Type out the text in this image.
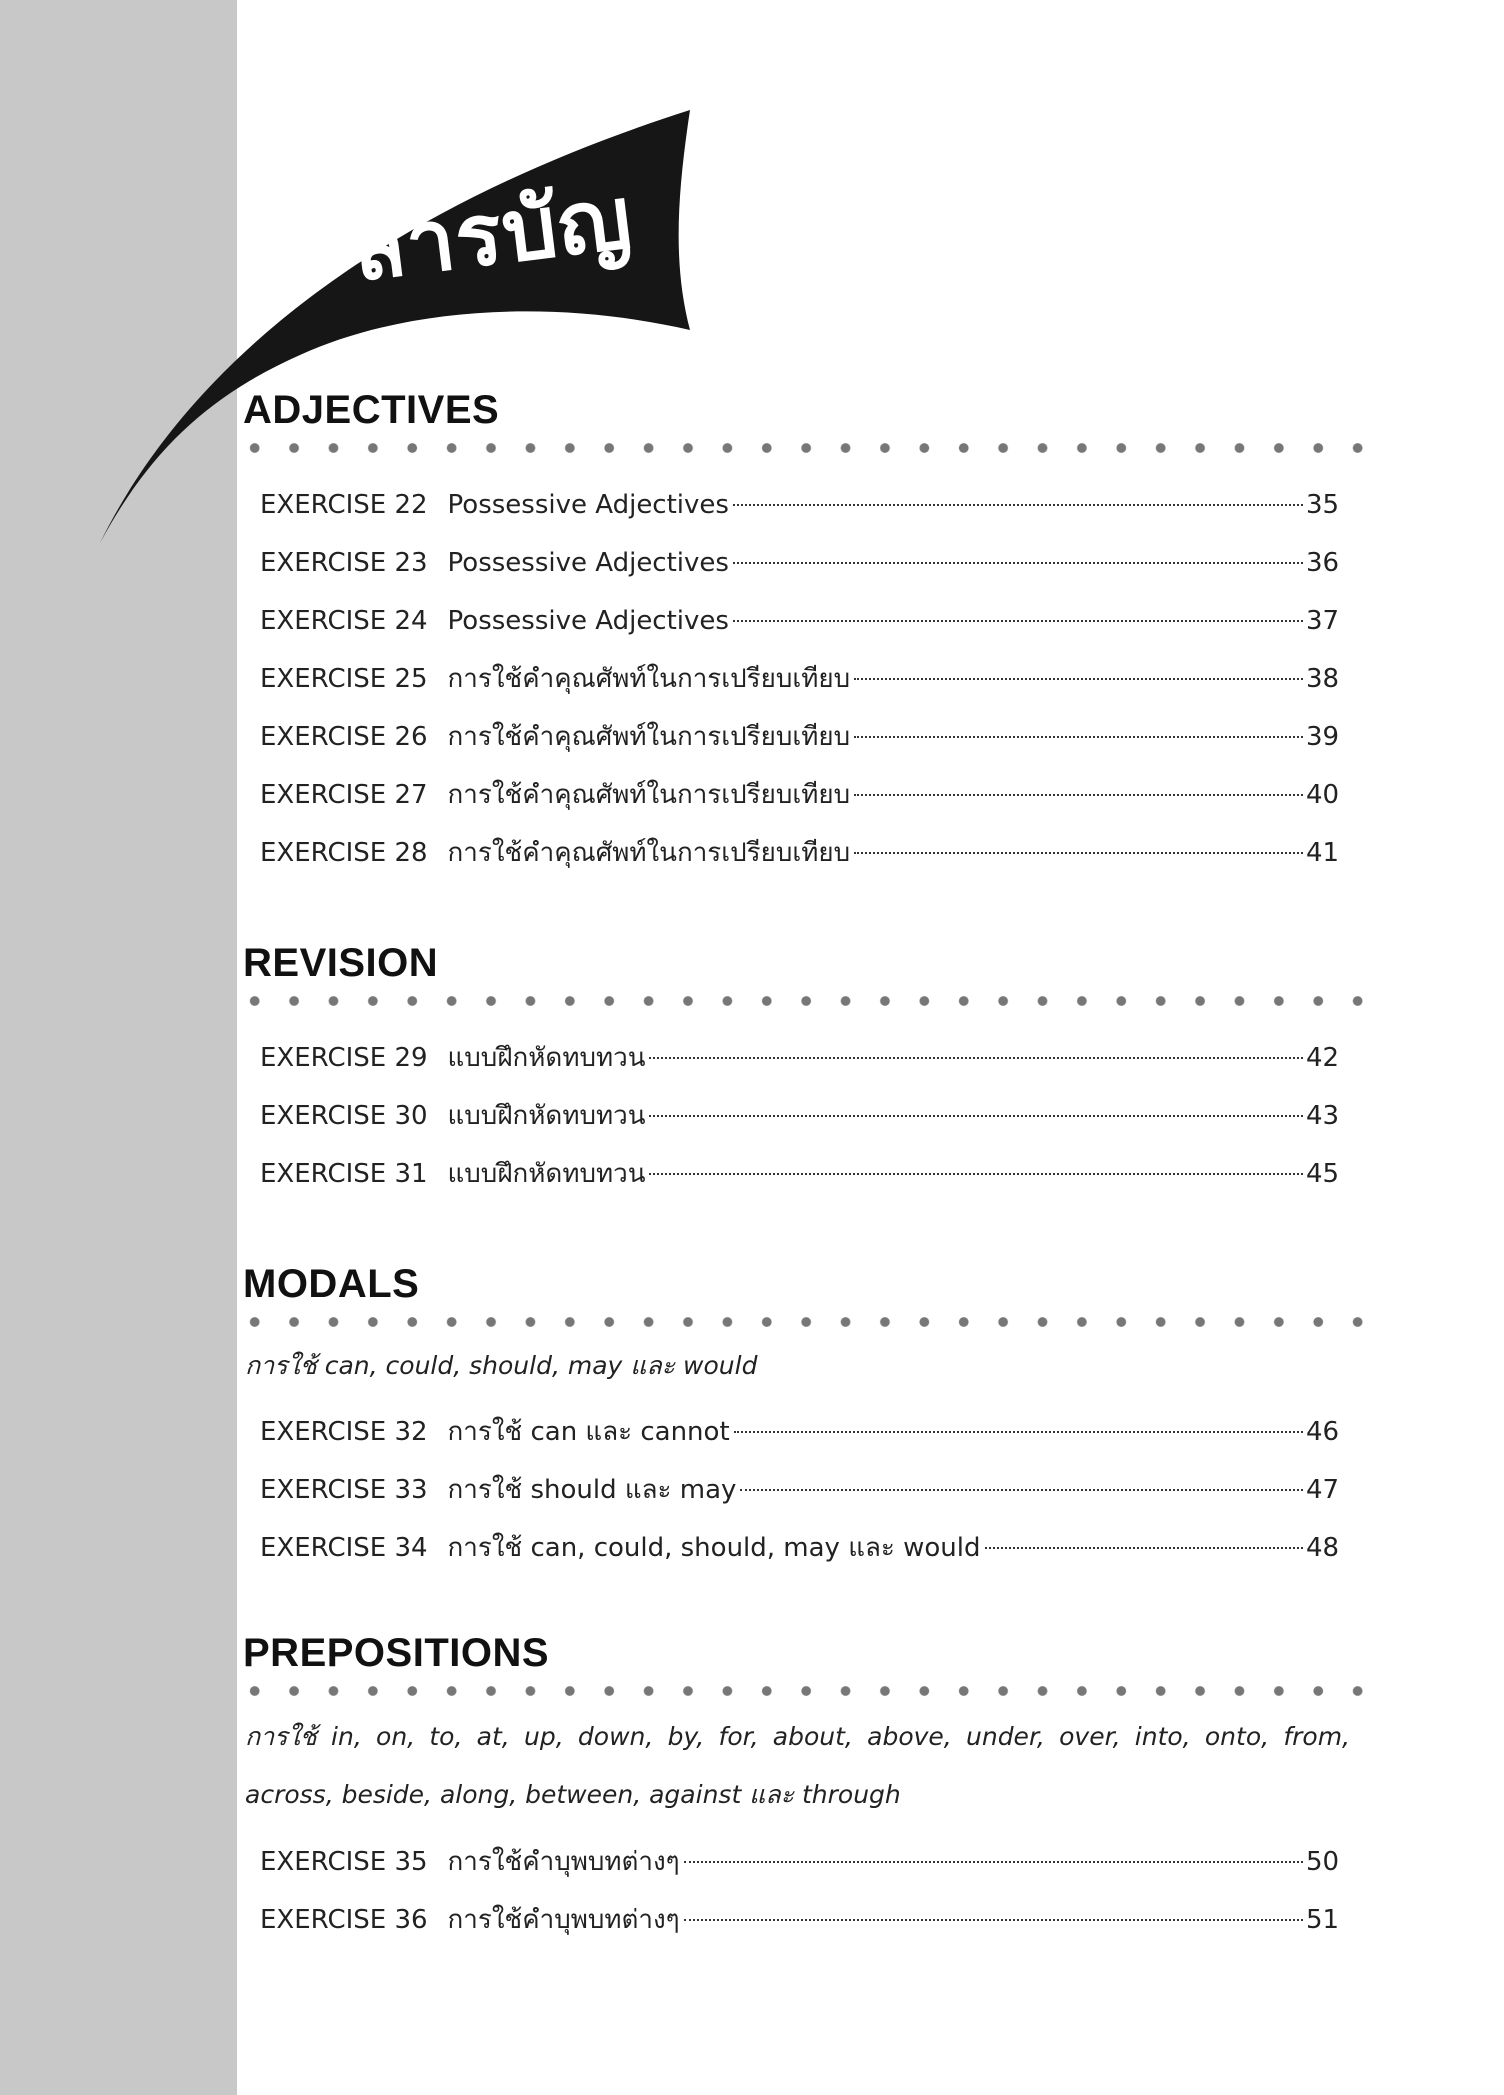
สารบัญ
ADJECTIVES
EXERCISE 22 Possessive Adjectives	35
EXERCISE 23 Possessive Adjectives	36
EXERCISE 24 Possessive Adjectives	37
EXERCISE 25 การใช้คำคุณศัพท์ในการเปรียบเทียบ	38
EXERCISE 26 การใช้คำคุณศัพท์ในการเปรียบเทียบ	39
EXERCISE 27 การใช้คำคุณศัพท์ในการเปรียบเทียบ	40
EXERCISE 28 การใช้คำคุณศัพท์ในการเปรียบเทียบ	41
REVISION
EXERCISE 29 แบบฝึกหัดทบทวน	42
EXERCISE 30 แบบฝึกหัดทบทวน	43
EXERCISE 31 แบบฝึกหัดทบทวน	45
MODALS

การใช้ can, could, should, may และ would

EXERCISE 32 การใช้ can และ cannot	46
EXERCISE 33 การใช้ should และ may	47
EXERCISE 34 การใช้ can, could, should, may และ would	48
PREPOSITIONS

การใช้ in, on, to, at, up, down, by, for, about, above, under, over, into, onto, from,

across, beside, along, between, against และ through

EXERCISE 35 การใช้คำบุพบทต่างๆ	50
EXERCISE 36 การใช้คำบุพบทต่างๆ	51
